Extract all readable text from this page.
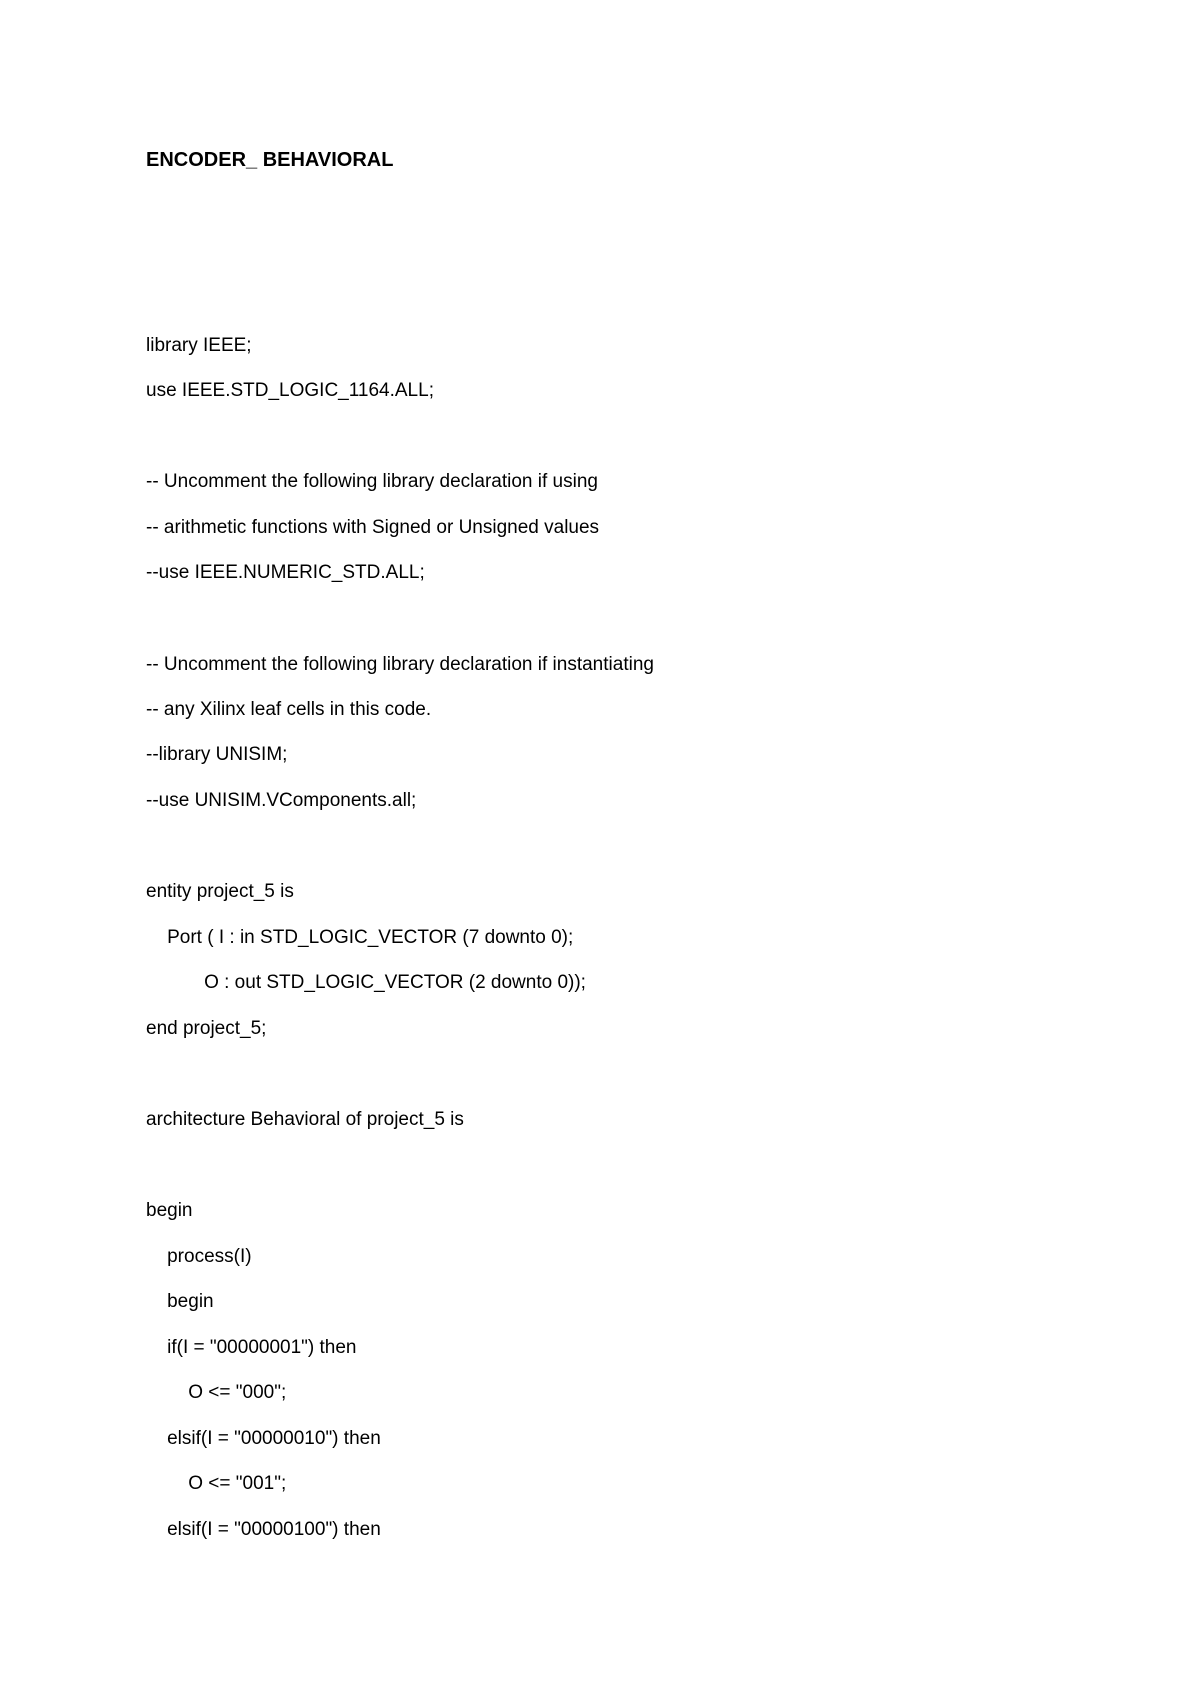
ENCODER_ BEHAVIORAL
library IEEE;
use IEEE.STD_LOGIC_1164.ALL;
-- Uncomment the following library declaration if using
-- arithmetic functions with Signed or Unsigned values
--use IEEE.NUMERIC_STD.ALL;
-- Uncomment the following library declaration if instantiating
-- any Xilinx leaf cells in this code.
--library UNISIM;
--use UNISIM.VComponents.all;
entity project_5 is
Port ( I : in STD_LOGIC_VECTOR (7 downto 0);
O : out STD_LOGIC_VECTOR (2 downto 0));
end project_5;
architecture Behavioral of project_5 is
begin
process(I)
begin
if(I = "00000001") then
O <= "000";
elsif(I = "00000010") then
O <= "001";
elsif(I = "00000100") then
